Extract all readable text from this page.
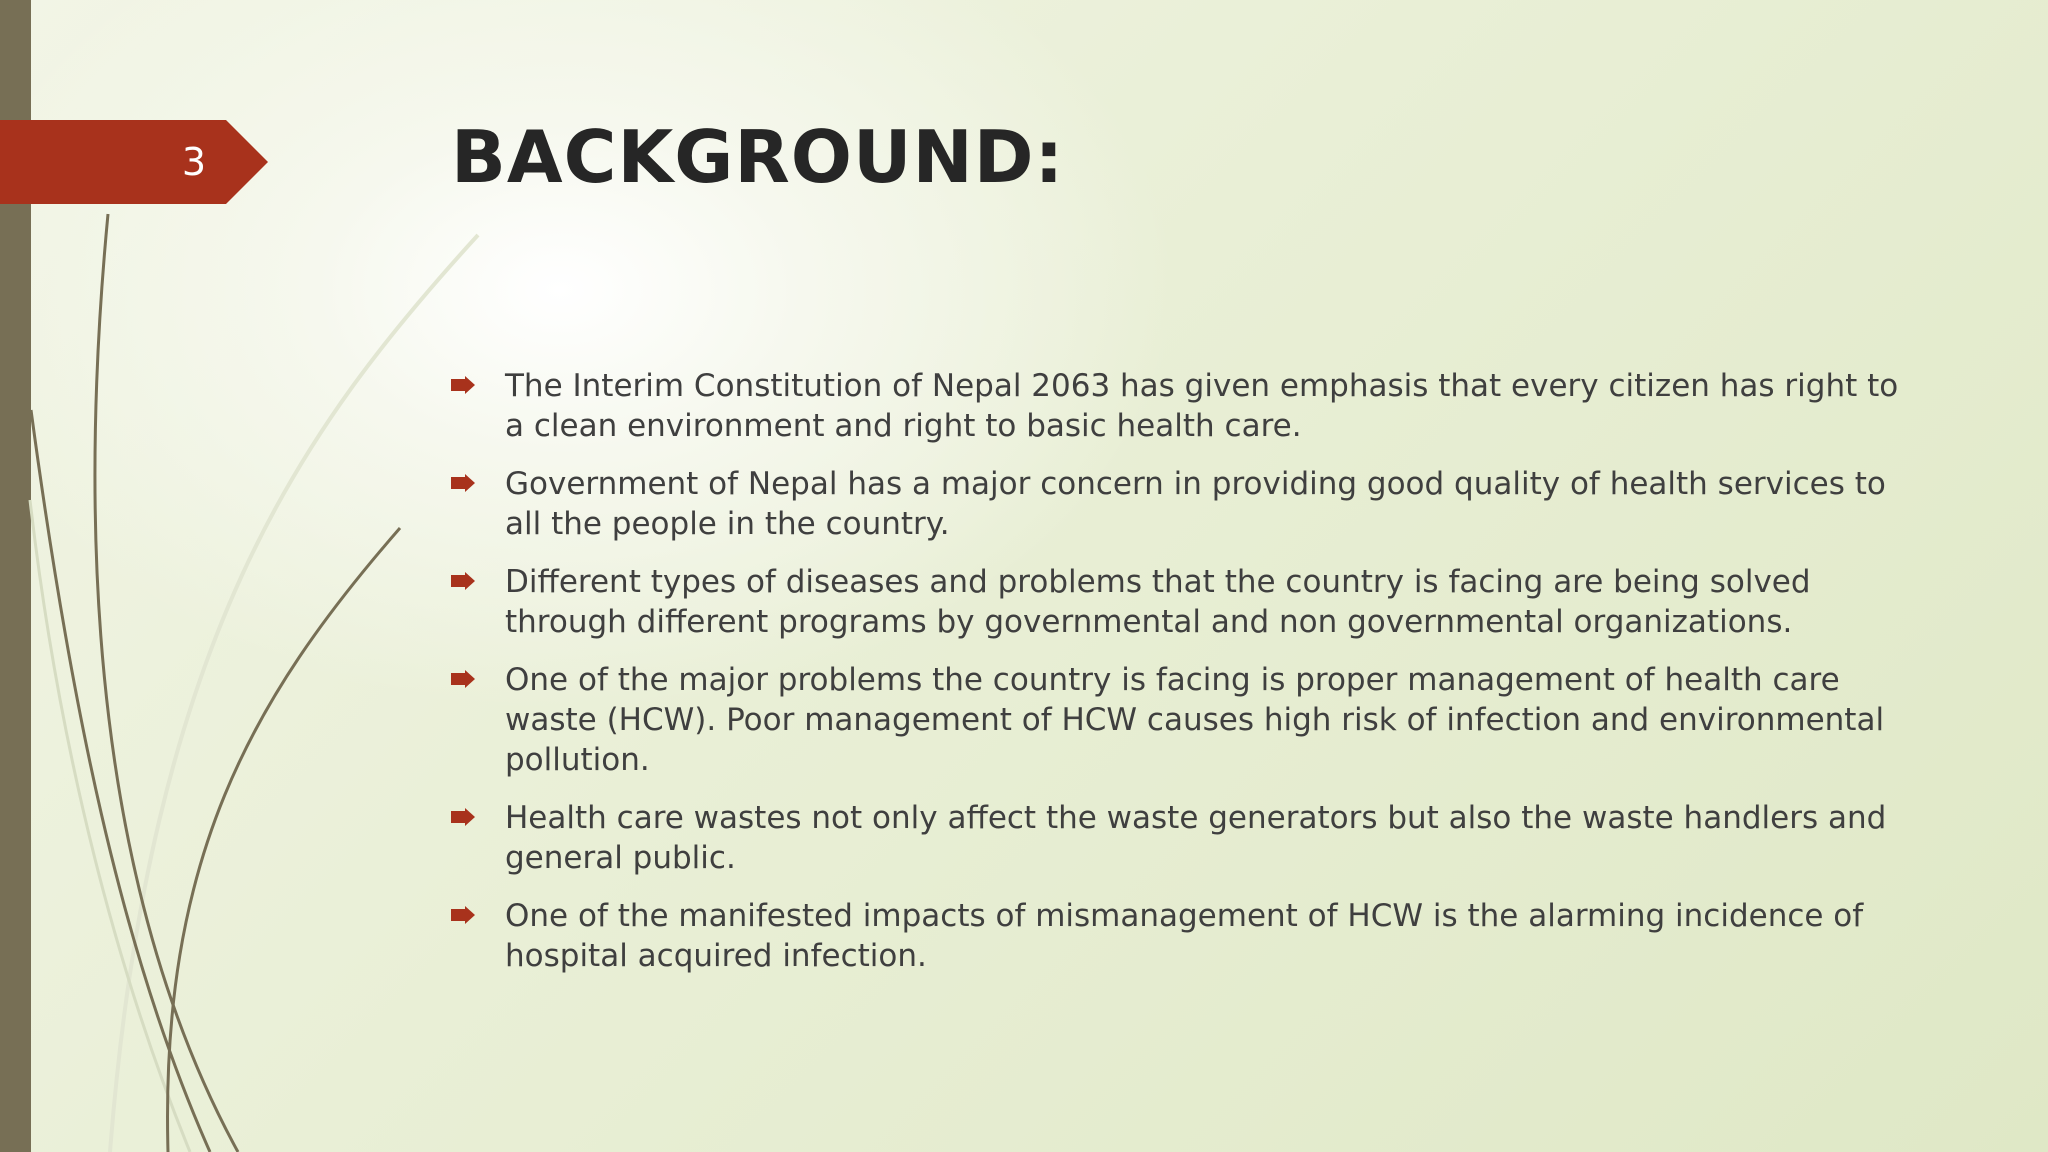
3	BACKGROUND:
The Interim Constitution of Nepal 2063 has given emphasis that every citizen has right to a clean environment and right to basic health care.
Government of Nepal has a major concern in providing good quality of health services to all the people in the country.
Different types of diseases and problems that the country is facing are being solved through different programs by governmental and non governmental organizations.
One of the major problems the country is facing is proper management of health care waste (HCW). Poor management of HCW causes high risk of infection and environmental pollution.
Health care wastes not only affect the waste generators but also the waste handlers and general public.
One of the manifested impacts of mismanagement of HCW is the alarming incidence of hospital acquired infection.
